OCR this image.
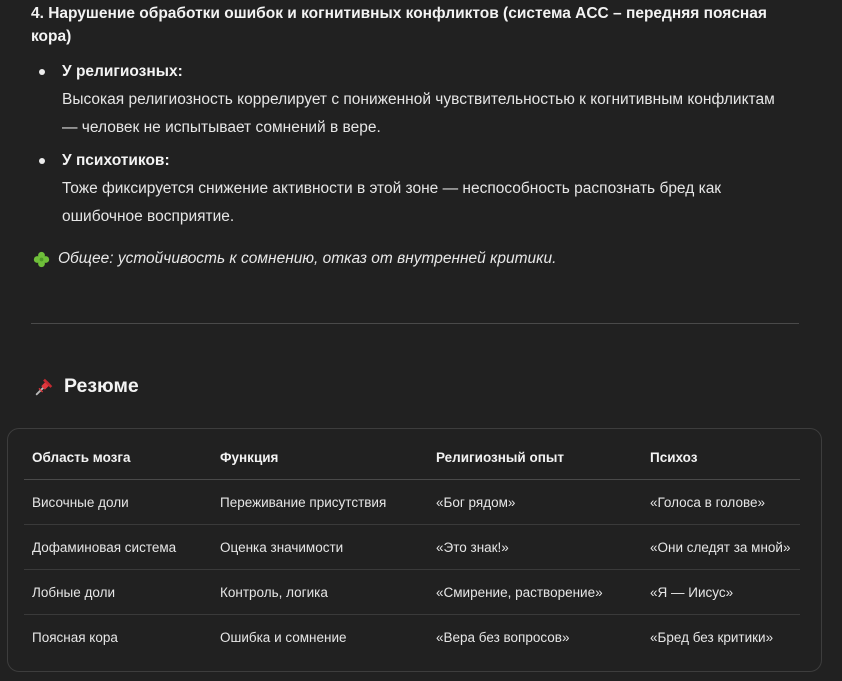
4. Нарушение обработки ошибок и когнитивных конфликтов (система ACC – передняя поясная кора)
У религиозных:
Высокая религиозность коррелирует с пониженной чувствительностью к когнитивным конфликтам — человек не испытывает сомнений в вере.
У психотиков:
Тоже фиксируется снижение активности в этой зоне — неспособность распознать бред как ошибочное восприятие.
Общее: устойчивость к сомнению, отказ от внутренней критики.
Резюме
Область мозга	Функция	Религиозный опыт	Психоз
Височные доли	Переживание присутствия	«Бог рядом»	«Голоса в голове»
Дофаминовая система	Оценка значимости	«Это знак!»	«Они следят за мной»
Лобные доли	Контроль, логика	«Смирение, растворение»	«Я — Иисус»
Поясная кора	Ошибка и сомнение	«Вера без вопросов»	«Бред без критики»
